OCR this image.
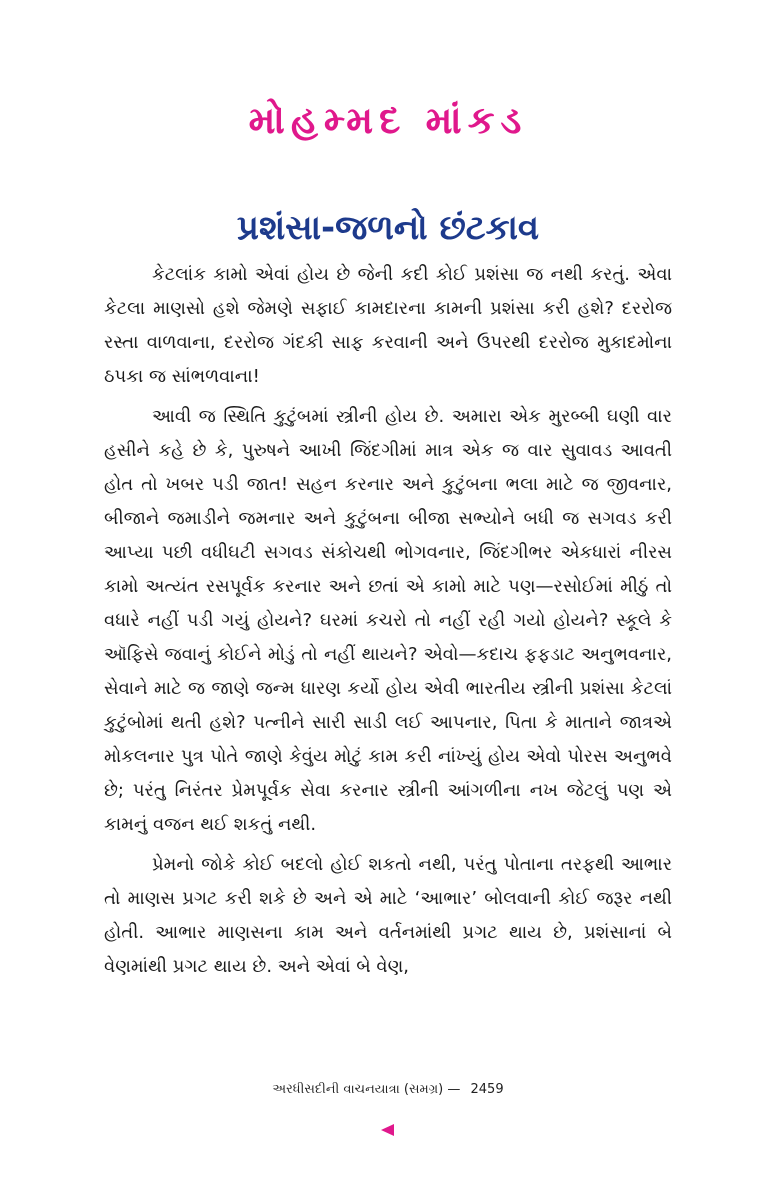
મોહમ્મદ માંકડ
પ્રશંસા-જળનો છંટકાવ

કેટલાંક કામો એવાં હોય છે જેની કદી કોઈ પ્રશંસા જ નથી કરતું. એવા કેટલા માણસો હશે જેમણે સફાઈ કામદારના કામની પ્રશંસા કરી હશે? દરરોજ રસ્તા વાળવાના, દરરોજ ગંદકી સાફ કરવાની અને ઉપરથી દરરોજ મુકાદમોના ઠપકા જ સાંભળવાના!

આવી જ સ્થિતિ કુટુંબમાં સ્ત્રીની હોય છે. અમારા એક મુરબ્બી ઘણી વાર હસીને કહે છે કે, પુરુષને આખી જિંદગીમાં માત્ર એક જ વાર સુવાવડ આવતી હોત તો ખબર પડી જાત! સહન કરનાર અને કુટુંબના ભલા માટે જ જીવનાર, બીજાને જમાડીને જમનાર અને કુટુંબના બીજા સભ્યોને બધી જ સગવડ કરી આપ્યા પછી વધીઘટી સગવડ સંકોચથી ભોગવનાર, જિંદગીભર એકધારાં નીરસ કામો અત્યંત રસપૂર્વક કરનાર અને છતાં એ કામો માટે પણ—રસોઈમાં મીઠું તો વધારે નહીં પડી ગયું હોયને? ઘરમાં કચરો તો નહીં રહી ગયો હોયને? સ્કૂલે કે ઑફિસે જવાનું કોઈને મોડું તો નહીં થાયને? એવો—કદાચ ફફડાટ અનુભવનાર, સેવાને માટે જ જાણે જન્મ ધારણ કર્યો હોય એવી ભારતીય સ્ત્રીની પ્રશંસા કેટલાં કુટુંબોમાં થતી હશે? પત્નીને સારી સાડી લઈ આપનાર, પિતા કે માતાને જાત્રએ મોકલનાર પુત્ર પોતે જાણે કેવુંય મોટું કામ કરી નાંખ્યું હોય એવો પોરસ અનુભવે છે; પરંતુ નિરંતર પ્રેમપૂર્વક સેવા કરનાર સ્ત્રીની આંગળીના નખ જેટલું પણ એ કામનું વજન થઈ શકતું નથી.

પ્રેમનો જોકે કોઈ બદલો હોઈ શકતો નથી, પરંતુ પોતાના તરફથી આભાર તો માણસ પ્રગટ કરી શકે છે અને એ માટે ‘આભાર’ બોલવાની કોઈ જરૂર નથી હોતી. આભાર માણસના કામ અને વર્તનમાંથી પ્રગટ થાય છે, પ્રશંસાનાં બે વેણમાંથી પ્રગટ થાય છે. અને એવાં બે વેણ,

અરધીસદીની વાચનયાત્રા (સમગ્ર) — 2459
